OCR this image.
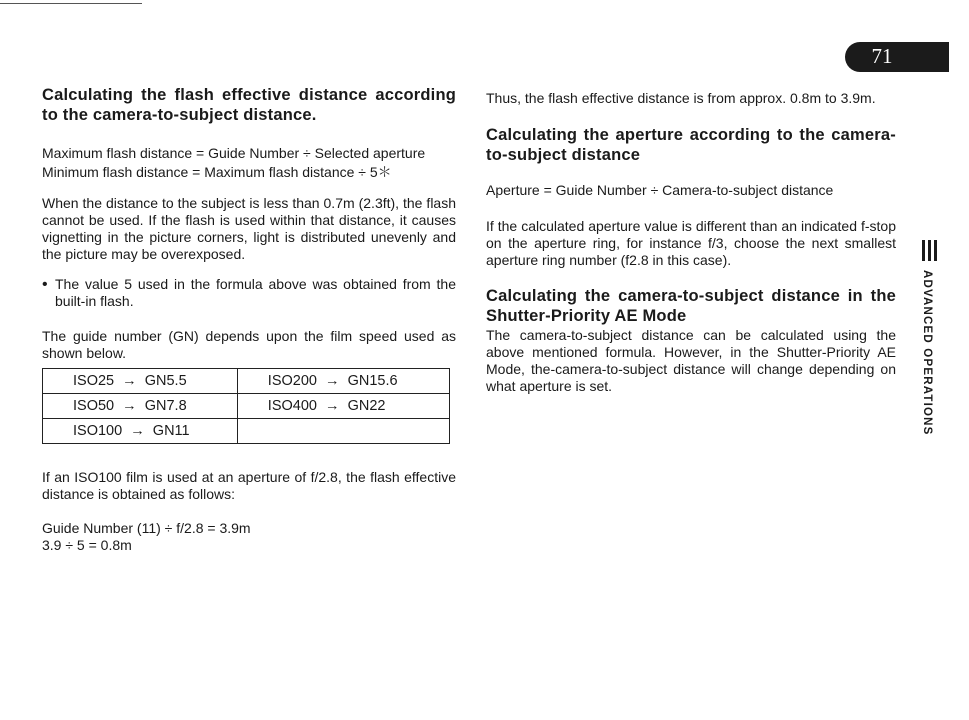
71
Calculating the flash effective distance according to the camera-to-subject distance.

Maximum flash distance = Guide Number ÷ Selected aperture

Minimum flash distance = Maximum flash distance ÷ 5＊

When the distance to the subject is less than 0.7m (2.3ft), the flash cannot be used. If the flash is used within that distance, it causes vignetting in the picture corners, light is distributed unevenly and the picture may be overexposed.

• The value 5 used in the formula above was obtained from the built-in flash.

The guide number (GN) depends upon the film speed used as shown below.

ISO25  →  GN5.5	ISO200  →  GN15.6
ISO50  →  GN7.8	ISO400  →  GN22
ISO100  →  GN11	

If an ISO100 film is used at an aperture of f/2.8, the flash effective distance is obtained as follows:

Guide Number (11) ÷ f/2.8 = 3.9m

3.9 ÷ 5 = 0.8m

Thus, the flash effective distance is from approx. 0.8m to 3.9m.

Calculating the aperture according to the camera-to-subject distance

Aperture = Guide Number ÷ Camera-to-subject distance

If the calculated aperture value is different than an indicated f-stop on the aperture ring, for instance f/3, choose the next smallest aperture ring number (f2.8 in this case).

Calculating the camera-to-subject distance in the Shutter-Priority AE Mode

The camera-to-subject distance can be calculated using the above mentioned formula. However, in the Shutter-Priority AE Mode, the-camera-to-subject distance will change depending on what aperture is set.	ADVANCED OPERATIONS
